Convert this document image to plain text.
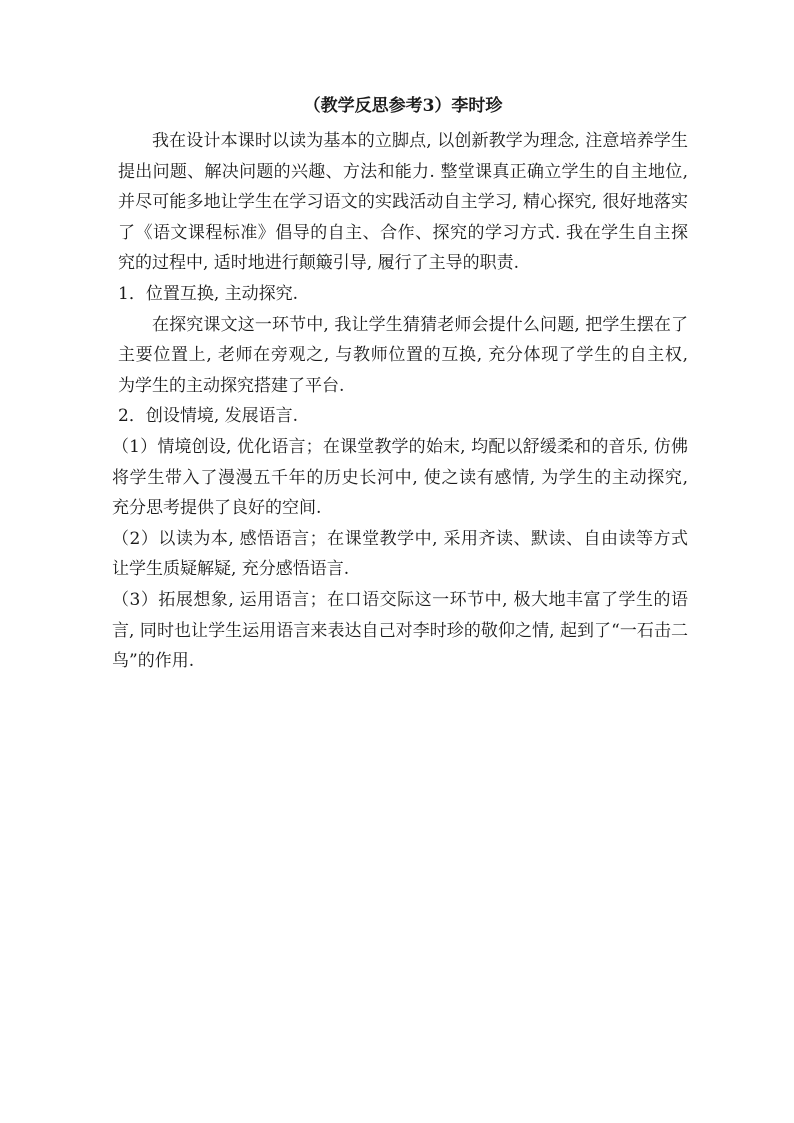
（教学反思参考3）李时珍

我在设计本课时以读为基本的立脚点, 以创新教学为理念, 注意培养学生提出问题、解决问题的兴趣、方法和能力. 整堂课真正确立学生的自主地位, 并尽可能多地让学生在学习语文的实践活动自主学习, 精心探究, 很好地落实了《语文课程标准》倡导的自主、合作、探究的学习方式. 我在学生自主探究的过程中, 适时地进行颠簸引导, 履行了主导的职责.

1．位置互换, 主动探究.

在探究课文这一环节中, 我让学生猜猜老师会提什么问题, 把学生摆在了主要位置上, 老师在旁观之, 与教师位置的互换, 充分体现了学生的自主权, 为学生的主动探究搭建了平台.

2．创设情境, 发展语言.

（1）情境创设, 优化语言；在课堂教学的始末, 均配以舒缓柔和的音乐, 仿佛将学生带入了漫漫五千年的历史长河中, 使之读有感情, 为学生的主动探究, 充分思考提供了良好的空间.

（2）以读为本, 感悟语言；在课堂教学中, 采用齐读、默读、自由读等方式让学生质疑解疑, 充分感悟语言.

（3）拓展想象, 运用语言；在口语交际这一环节中, 极大地丰富了学生的语言, 同时也让学生运用语言来表达自己对李时珍的敬仰之情, 起到了“一石击二鸟”的作用.
